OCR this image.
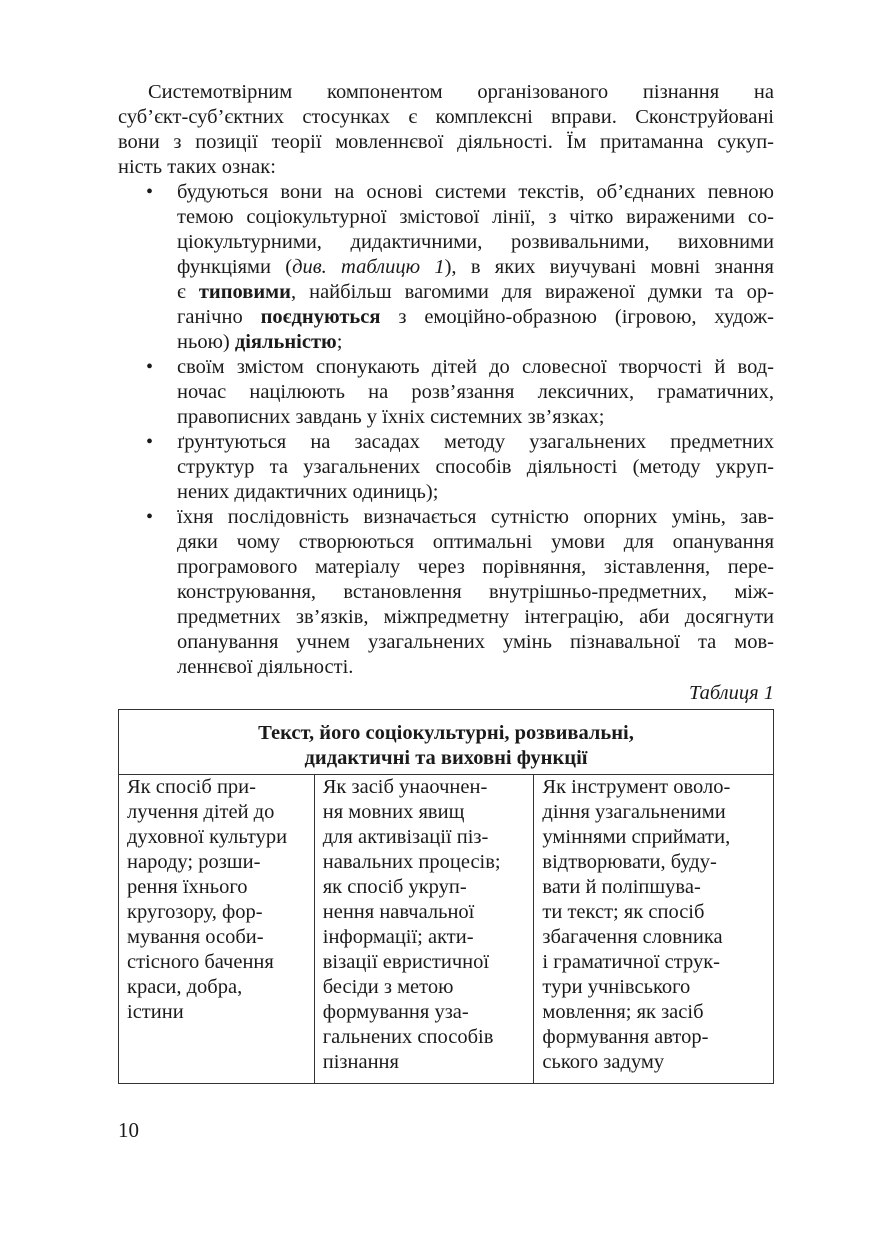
Системотвірним компонентом організованого пізнання на
суб’єкт-суб’єктних стосунках є комплексні вправи. Сконструйовані
вони з позиції теорії мовленнєвої діяльності. Їм притаманна сукуп-
ність таких ознак:
• будуються вони на основі системи текстів, об’єднаних певною
темою соціокультурної змістової лінії, з чітко вираженими со-
ціокультурними, дидактичними, розвивальними, виховними
функціями (див. таблицю 1), в яких виучувані мовні знання
є типовими, найбільш вагомими для вираженої думки та ор-
ганічно поєднуються з емоційно-образною (ігровою, худож-
ньою) діяльністю;
• своїм змістом спонукають дітей до словесної творчості й вод-
ночас націлюють на розв’язання лексичних, граматичних,
правописних завдань у їхніх системних зв’язках;
• ґрунтуються на засадах методу узагальнених предметних
структур та узагальнених способів діяльності (методу укруп-
нених дидактичних одиниць);
• їхня послідовність визначається сутністю опорних умінь, зав-
дяки чому створюються оптимальні умови для опанування
програмового матеріалу через порівняння, зіставлення, пере-
конструювання, встановлення внутрішньо-предметних, між-
предметних зв’язків, міжпредметну інтеграцію, аби досягнути
опанування учнем узагальнених умінь пізнавальної та мов-
леннєвої діяльності.
Таблиця 1
Текст, його соціокультурні, розвивальні,
дидактичні та виховні функції

Як спосіб при-
лучення дітей до
духовної культури
народу; розши-
рення їхнього
кругозору, фор-
мування особи-
стісного бачення
краси, добра,
істини

Як засіб унаочнен-
ня мовних явищ
для активізації піз-
навальних процесів;
як спосіб укруп-
нення навчальної
інформації; акти-
візації евристичної
бесіди з метою
формування уза-
гальнених способів
пізнання

Як інструмент оволо-
діння узагальненими
уміннями сприймати,
відтворювати, буду-
вати й поліпшува-
ти текст; як спосіб
збагачення словника
і граматичної струк-
тури учнівського
мовлення; як засіб
формування автор-
ського задуму
10
